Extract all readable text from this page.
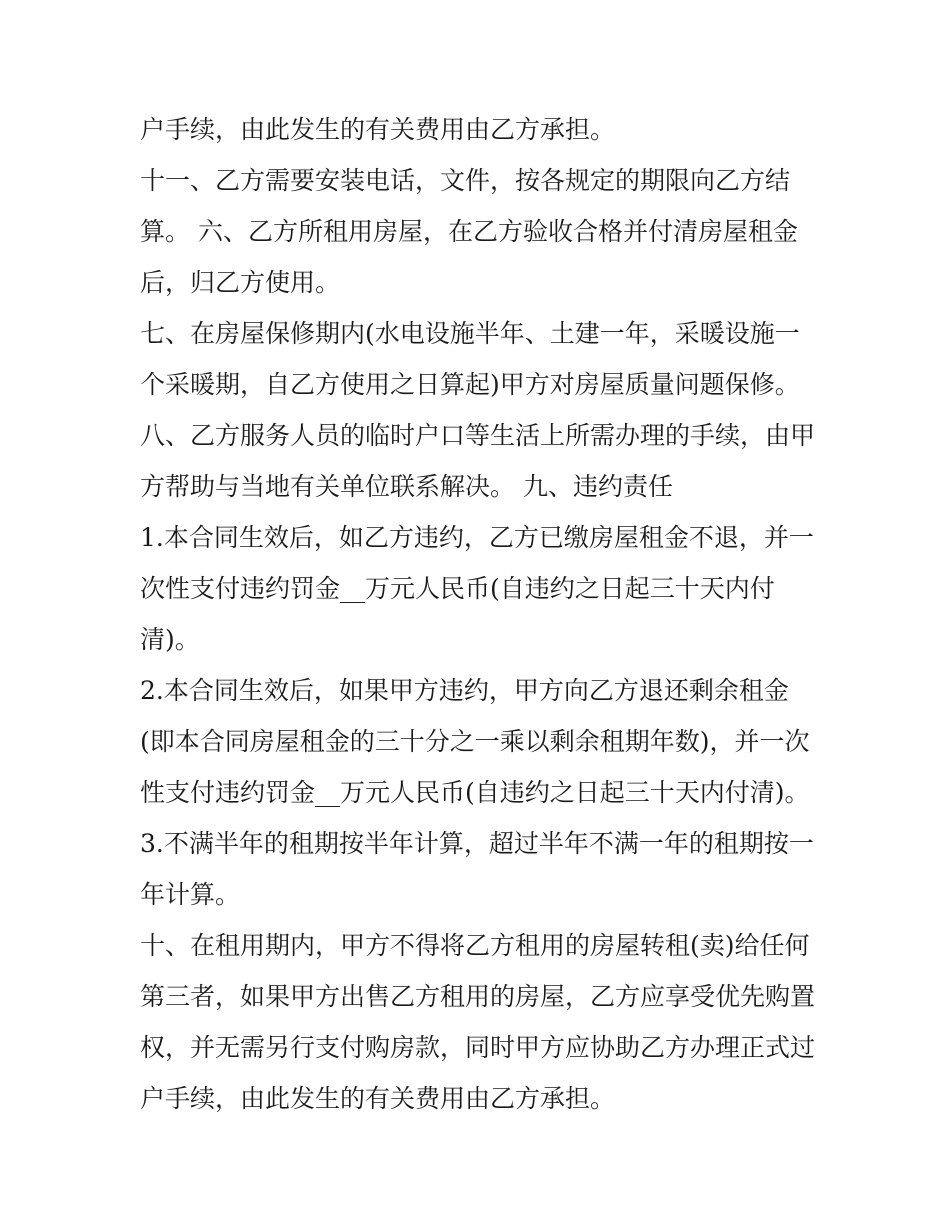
户手续，由此发生的有关费用由乙方承担。
十一、乙方需要安装电话，文件，按各规定的期限向乙方结
算。 六、乙方所租用房屋，在乙方验收合格并付清房屋租金
后，归乙方使用。
七、在房屋保修期内(水电设施半年、土建一年，采暖设施一
个采暖期，自乙方使用之日算起)甲方对房屋质量问题保修。
八、乙方服务人员的临时户口等生活上所需办理的手续，由甲
方帮助与当地有关单位联系解决。 九、违约责任
1.本合同生效后，如乙方违约，乙方已缴房屋租金不退，并一
次性支付违约罚金__万元人民币(自违约之日起三十天内付
清)。
2.本合同生效后，如果甲方违约，甲方向乙方退还剩余租金
(即本合同房屋租金的三十分之一乘以剩余租期年数)，并一次
性支付违约罚金__万元人民币(自违约之日起三十天内付清)。
3.不满半年的租期按半年计算，超过半年不满一年的租期按一
年计算。
十、在租用期内，甲方不得将乙方租用的房屋转租(卖)给任何
第三者，如果甲方出售乙方租用的房屋，乙方应享受优先购置
权，并无需另行支付购房款，同时甲方应协助乙方办理正式过
户手续，由此发生的有关费用由乙方承担。
